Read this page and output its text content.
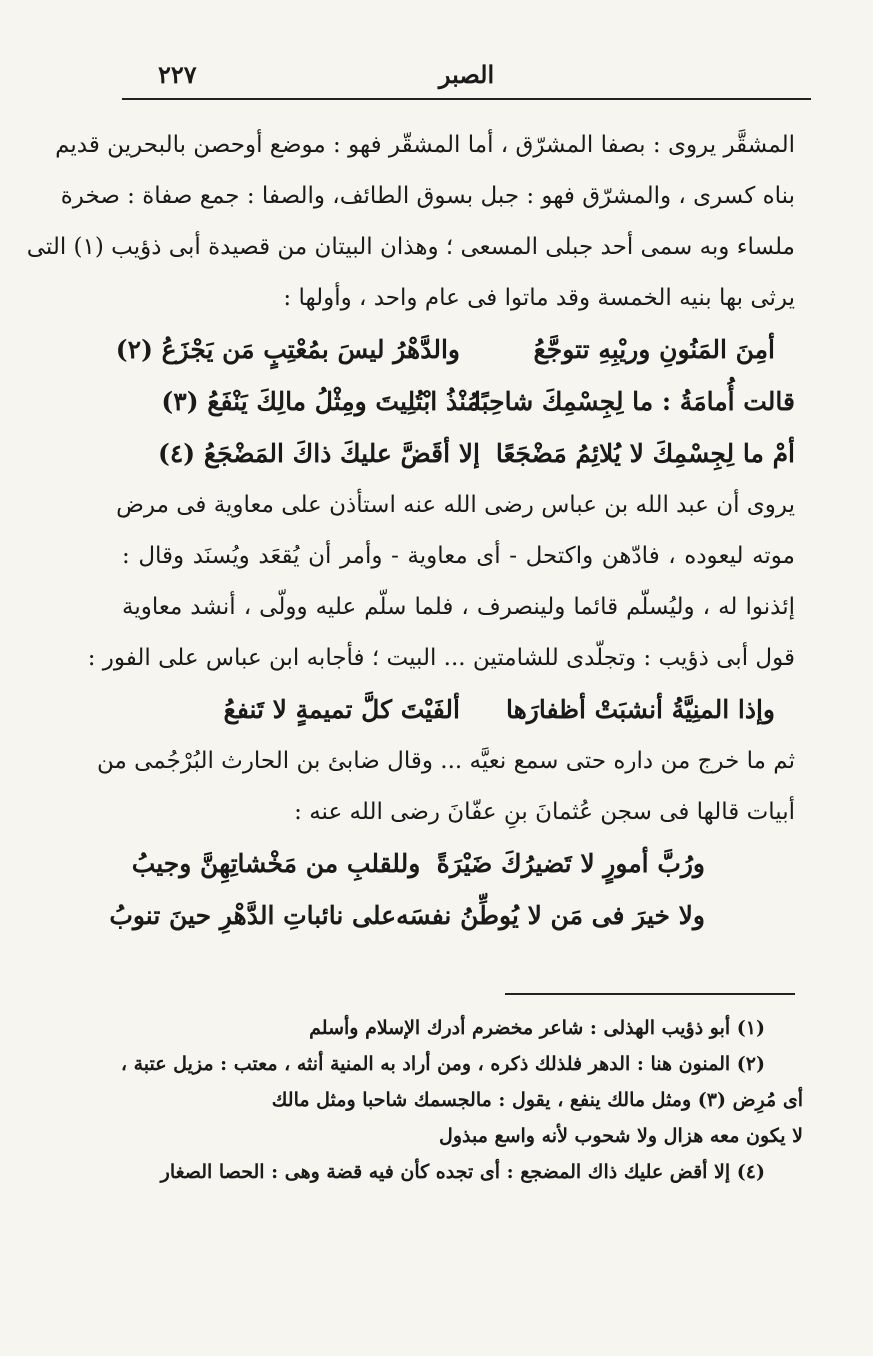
الصبر
٢٢٧
المشقَّر يروى : بصفا المشرّق ، أما المشقّر فهو : موضع أوحصن بالبحرين قديم
بناه كسرى ، والمشرّق فهو : جبل بسوق الطائف، والصفا : جمع صفاة : صخرة
ملساء وبه سمى أحد جبلى المسعى ؛ وهذان البيتان من قصيدة أبى ذؤيب (١) التى
يرثى بها بنيه الخمسة وقد ماتوا فى عام واحد ، وأولها :
أمِنَ المَنُونِ وريْبِهِ تتوجَّعُ
والدَّهْرُ ليسَ بمُعْتِبٍ مَن يَجْزَعُ (٢)
قالت أُمامَةُ : ما لِجِسْمِكَ شاحِبًا
مُنْذُ ابْتُلِيتَ ومِثْلُ مالِكَ يَنْفَعُ (٣)
أمْ ما لِجِسْمِكَ لا يُلائِمُ مَضْجَعًا
إلا أقَضَّ عليكَ ذاكَ المَضْجَعُ (٤)
يروى أن عبد الله بن عباس رضى الله عنه استأذن على معاوية فى مرض
موته ليعوده ، فادّهن واكتحل - أى معاوية - وأمر أن يُقعَد ويُسنَد وقال :
إئذنوا له ، وليُسلّم قائما ولينصرف ، فلما سلّم عليه وولّى ، أنشد معاوية
قول أبى ذؤيب : وتجلّدى للشامتين ... البيت ؛ فأجابه ابن عباس على الفور :
وإذا المنِيَّةُ أنشبَتْ أظفارَها
ألفَيْتَ كلَّ تميمةٍ لا تَنفعُ
ثم ما خرج من داره حتى سمع نعيَّه ... وقال ضابئ بن الحارث البُرْجُمى من
أبيات قالها فى سجن عُثمانَ بنِ عفّانَ رضى الله عنه :
ورُبَّ أمورٍ لا تَضيرُكَ ضَيْرَةً
وللقلبِ من مَخْشاتِهِنَّ وجيبُ
ولا خيرَ فى مَن لا يُوطِّنُ نفسَه
على نائباتِ الدَّهْرِ حينَ تنوبُ
(١) أبو ذؤيب الهذلى : شاعر مخضرم أدرك الإسلام وأسلم
(٢) المنون هنا : الدهر فلذلك ذكره ، ومن أراد به المنية أنثه ، معتب : مزيل عتبة ،
أى مُرِض (٣) ومثل مالك ينفع ، يقول : مالجسمك شاحبا ومثل مالك
لا يكون معه هزال ولا شحوب لأنه واسع مبذول
(٤) إلا أقض عليك ذاك المضجع : أى تجده كأن فيه قضة وهى : الحصا الصغار
